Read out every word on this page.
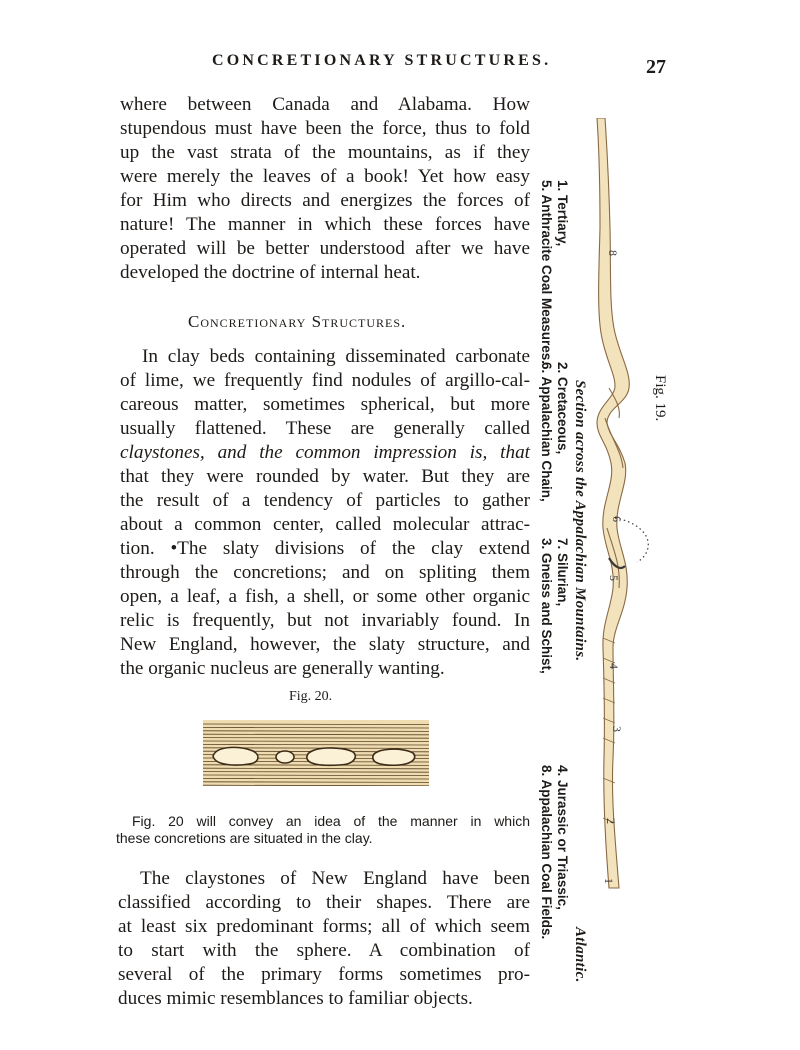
CONCRETIONARY STRUCTURES.	27
where between Canada and Alabama. How
stupendous must have been the force, thus to fold
up the vast strata of the mountains, as if they
were merely the leaves of a book! Yet how easy
for Him who directs and energizes the forces of
nature! The manner in which these forces have
operated will be better understood after we have
developed the doctrine of internal heat.
Concretionary Structures.
In clay beds containing disseminated carbonate
of lime, we frequently find nodules of argillo-cal-
careous matter, sometimes spherical, but more
usually flattened. These are generally called
claystones, and the common impression is, that
that they were rounded by water. But they are
the result of a tendency of particles to gather
about a common center, called molecular attrac-
tion. •The slaty divisions of the clay extend
through the concretions; and on spliting them
open, a leaf, a fish, a shell, or some other organic
relic is frequently, but not invariably found. In
New England, however, the slaty structure, and
the organic nucleus are generally wanting.
Fig. 20.
Fig. 20 will convey an idea of the manner in which
these concretions are situated in the clay.
The claystones of New England have been
classified according to their shapes. There are
at least six predominant forms; all of which seem
to start with the sphere. A combination of
several of the primary forms sometimes pro-
duces mimic resemblances to familiar objects.
1. Tertiary,
5. Anthracite Coal Measures.
2. Cretaceous,
6. Appalachian Chain,
7. Silurian,
3. Gneiss and Schist,
4. Jurassic or Triassic,
8. Appalachian Coal Fields.
Section across the Appalachian Mountains.	Fig. 19.
Atlantic.
8
6
5
4
3
2
1
